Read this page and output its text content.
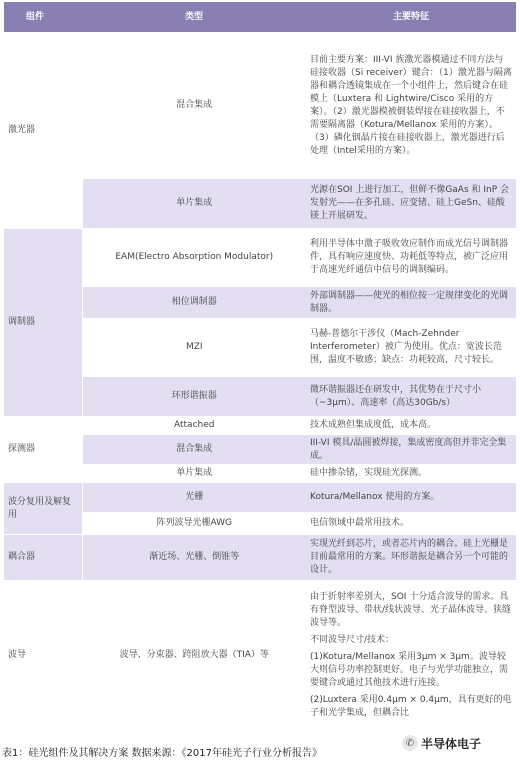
组件	类型	主要特征
激光器	混合集成	目前主要方案：III-VI 族激光器模通过不同方法与硅接收器（Si receiver）键合：（1）激光器与隔离器和耦合透镜集成在一个小组件上，然后键合在硅模上（Luxtera 和 Lightwire/Cisco 采用的方案）。（2）激光器模被倒装焊接在硅接收器上，不需要隔离器（Kotura/Mellanox 采用的方案）。（3）磷化铟晶片接在硅接收器上，激光器进行后处理（Intel采用的方案）。
	单片集成	光源在SOI 上进行加工，但鲜不像GaAs 和 InP 会发射光——在多孔硅、应变锗、硅上GeSn、硅酸镁上开展研发。
调制器	EAM(Electro Absorption Modulator)	利用半导体中激子吸收效应制作而成光信号调制器件，具有响应速度快、功耗低等特点，被广泛应用于高速光纤通信中信号的调制编码。
	相位调制器	外部调制器——使光的相位按一定规律变化的光调制器。
	MZI	马赫-普德尔干涉仪（Mach-Zehnder Interferometer）被广为使用。优点：宽波长范围，温度不敏感；缺点：功耗较高，尺寸较长。
	环形谐振器	微环谐振器还在研发中，其优势在于尺寸小（~3μm）、高速率（高达30Gb/s）
探测器	Attached	技术成熟但集成度低，成本高。
	混合集成	III-VI 模具/晶圆被焊接，集成密度高但并非完全集成。
	单片集成	硅中掺杂锗，实现硅光探测。
波分复用及解复用	光栅	Kotura/Mellanox 使用的方案。
	阵列波导光栅AWG	电信领域中最常用技术。
耦合器	渐近场、光栅、倒锥等	实现光纤到芯片，或者芯片内的耦合。硅上光栅是目前最常用的方案。环形谐振是耦合另一个可能的设计。
波导	波导、分束器、跨阻放大器（TIA）等	由于折射率差别大，SOI 十分适合波导的需求。具有脊型波导、带状/线状波导、光子晶体波导、狭缝波导等。
不同波导尺寸/技术：
(1)Kotura/Mellanox 采用3μm × 3μm。波导较大则信号功率控制更好。电子与光学功能独立，需要键合或通过其他技术进行连接。
(2)Luxtera 采用0.4μm × 0.4μm，具有更好的电子和光学集成，但耦合比
✆ 半导体电子
表1：硅光组件及其解决方案 数据来源：《2017年硅光子行业分析报告》
